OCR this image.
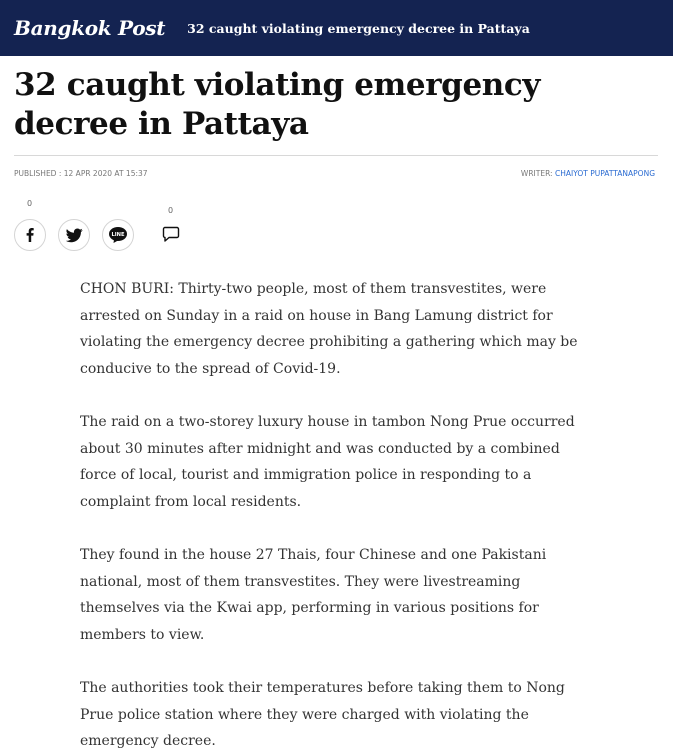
Bangkok Post 32 caught violating emergency decree in Pattaya
32 caught violating emergency decree in Pattaya
PUBLISHED : 12 APR 2020 AT 15:37	WRITER: CHAIYOT PUPATTANAPONG
0
LINE
0

CHON BURI: Thirty-two people, most of them transvestites, were arrested on Sunday in a raid on house in Bang Lamung district for violating the emergency decree prohibiting a gathering which may be conducive to the spread of Covid-19.

The raid on a two-storey luxury house in tambon Nong Prue occurred about 30 minutes after midnight and was conducted by a combined force of local, tourist and immigration police in responding to a complaint from local residents.

They found in the house 27 Thais, four Chinese and one Pakistani national, most of them transvestites. They were livestreaming themselves via the Kwai app, performing in various positions for members to view.

The authorities took their temperatures before taking them to Nong Prue police station where they were charged with violating the emergency decree.
